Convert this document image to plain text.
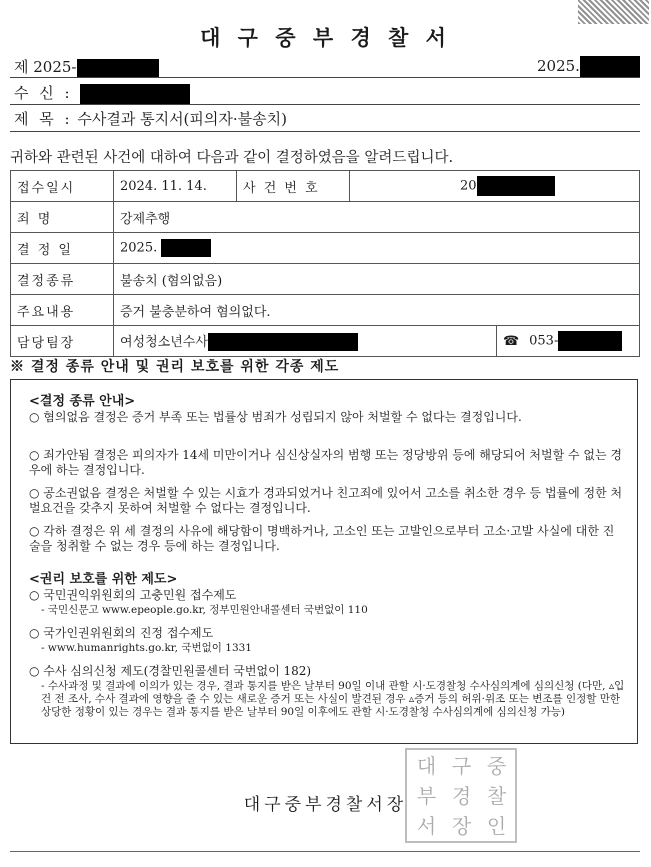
대 구 중 부 경 찰 서
제 2025-	2025.
수 신 :
제 목 : 수사결과 통지서(피의자·불송치)
귀하와 관련된 사건에 대하여 다음과 같이 결정하였음을 알려드립니다.
접수일시	2024. 11. 14.	사 건 번 호	20	
죄 명	강제추행			
결 정 일	2025.			
결정종류	불송치 (혐의없음)			
주요내용	증거 불충분하여 혐의없다.			
담당팀장	여성청소년수사			☎ 053-
※ 결정 종류 안내 및 권리 보호를 위한 각종 제도
<결정 종류 안내>
○ 혐의없음 결정은 증거 부족 또는 법률상 범죄가 성립되지 않아 처벌할 수 없다는 결정입니다.
○ 죄가안됨 결정은 피의자가 14세 미만이거나 심신상실자의 범행 또는 정당방위 등에 해당되어 처벌할 수 없는 경우에 하는 결정입니다.
○ 공소권없음 결정은 처벌할 수 있는 시효가 경과되었거나 친고죄에 있어서 고소를 취소한 경우 등 법률에 정한 처벌요건을 갖추지 못하여 처벌할 수 없다는 결정입니다.
○ 각하 결정은 위 세 결정의 사유에 해당함이 명백하거나, 고소인 또는 고발인으로부터 고소·고발 사실에 대한 진술을 청취할 수 없는 경우 등에 하는 결정입니다.
<권리 보호를 위한 제도>
○ 국민권익위원회의 고충민원 접수제도
- 국민신문고 www.epeople.go.kr, 정부민원안내콜센터 국번없이 110
○ 국가인권위원회의 진정 접수제도
- www.humanrights.go.kr, 국번없이 1331
○ 수사 심의신청 제도(경찰민원콜센터 국번없이 182)
- 수사과정 및 결과에 이의가 있는 경우, 결과 통지를 받은 날부터 90일 이내 관할 시·도경찰청 수사심의계에 심의신청 (다만, ▵입건 전 조사, 수사 결과에 영향을 줄 수 있는 새로운 증거 또는 사실이 발견된 경우 ▵증거 등의 허위·위조 또는 변조를 인정할 만한 상당한 정황이 있는 경우는 결과 통지를 받은 날부터 90일 이후에도 관할 시·도경찰청 수사심의계에 심의신청 가능)
대 구 중
부 경 찰
서 장 인
대구중부경찰서장
